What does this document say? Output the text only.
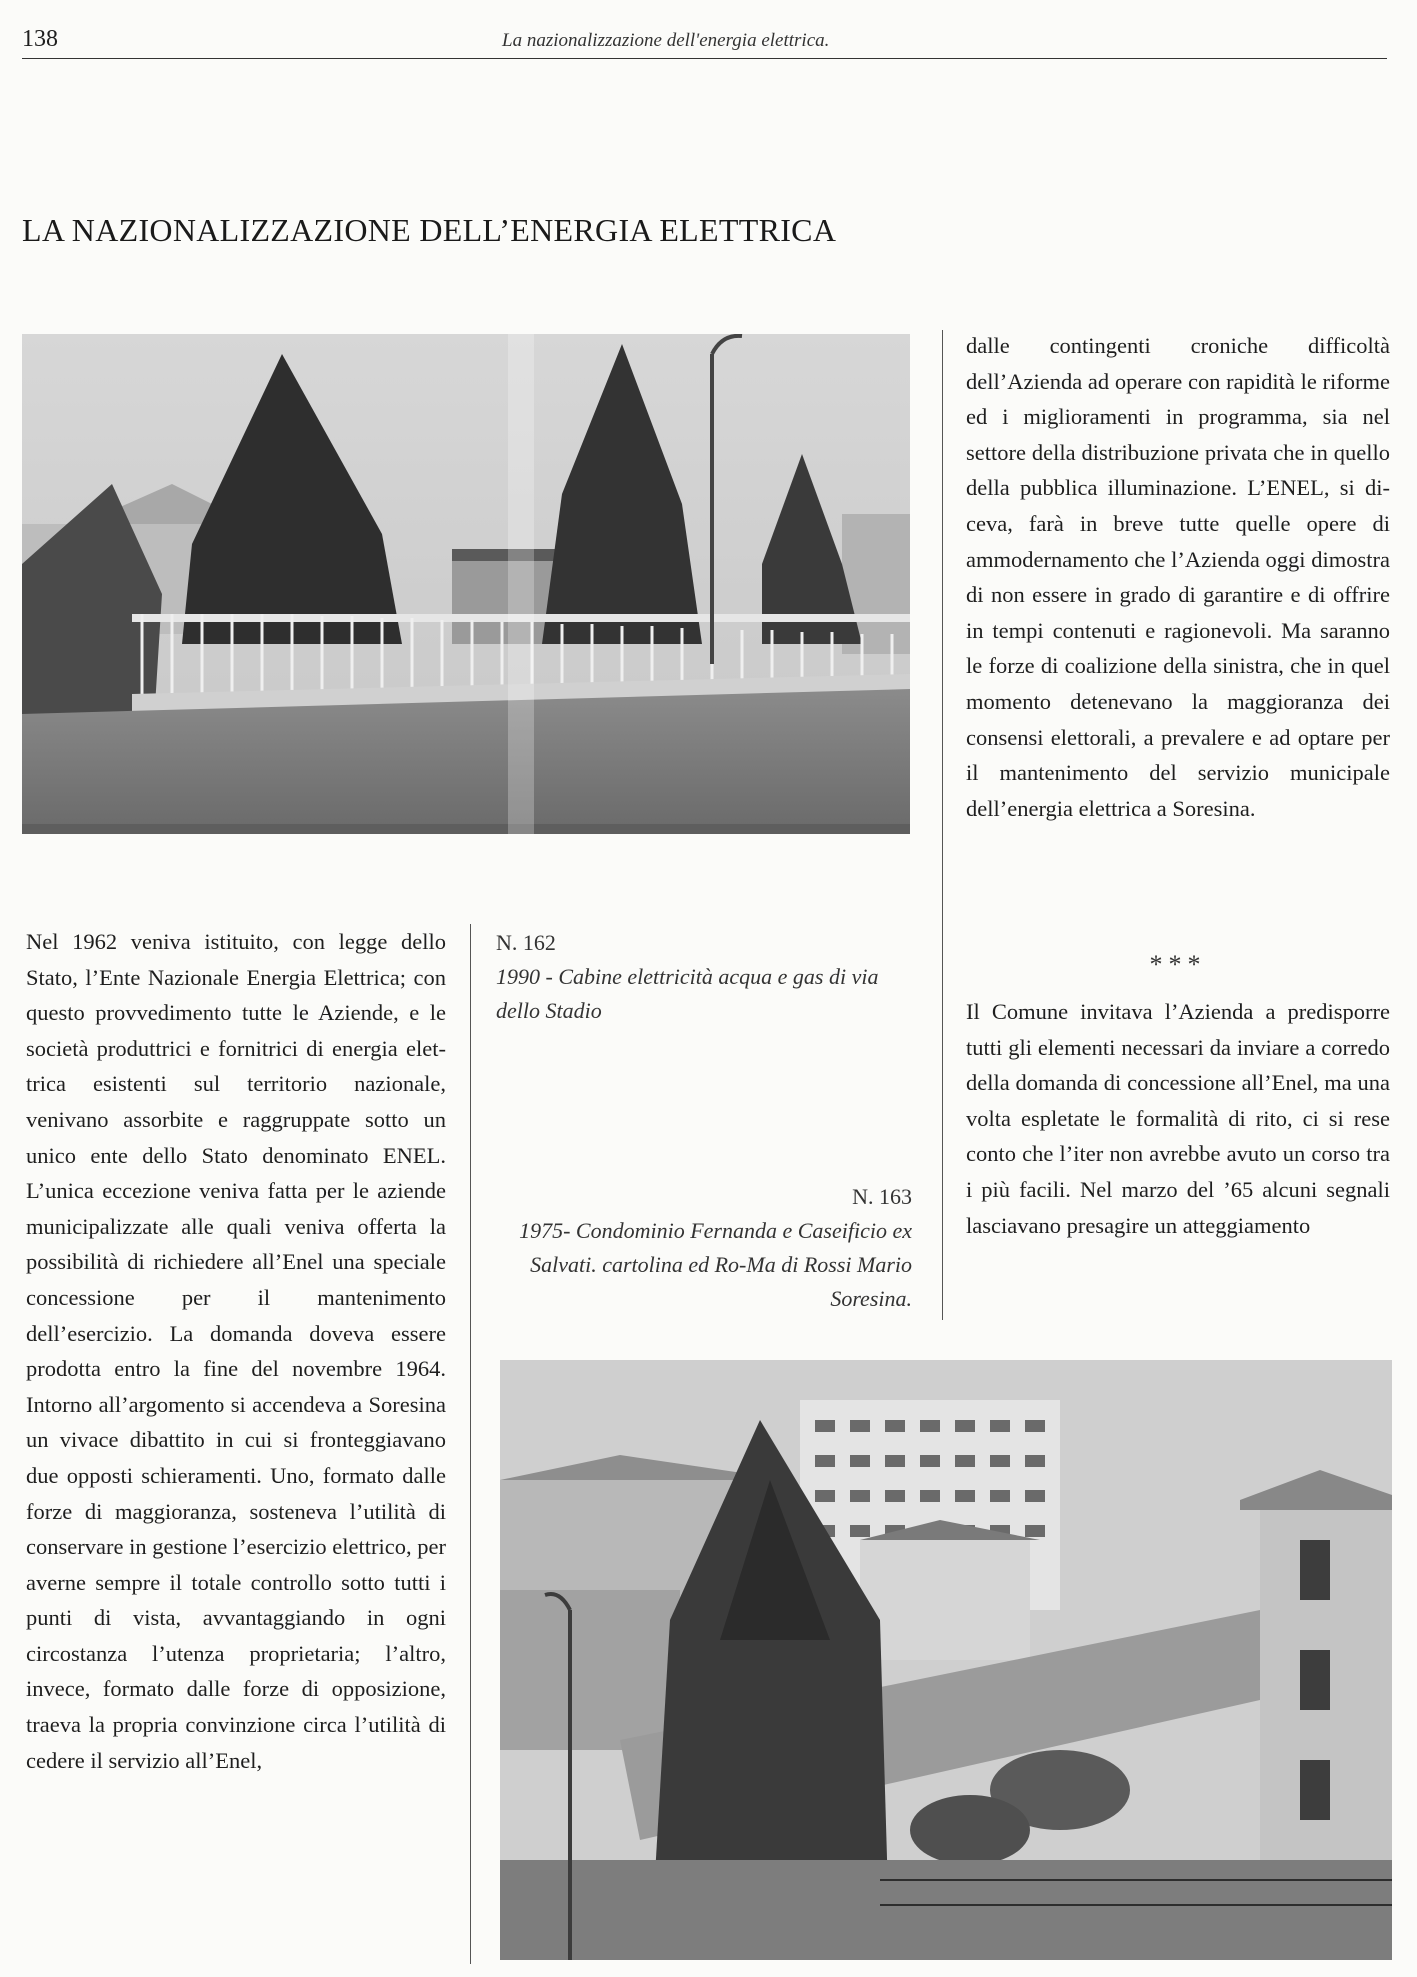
138	La nazionalizzazione dell'energia elettrica.
LA NAZIONALIZZAZIONE DELL’ENERGIA ELETTRICA
N. 162
1990 - Cabine elettricità acqua e gas di via dello Stadio
N. 163
1975- Condominio Fernanda e Caseificio ex Salvati. cartolina ed Ro-Ma di Rossi Mario Soresina.
Nel 1962 veniva istituito, con legge dello Stato, l’Ente Nazionale Energia Elettrica; con questo provvedimento tutte le Aziende, e le società produttrici e fornitrici di energia elettrica esistenti sul territorio nazionale, venivano assorbite e raggruppate sotto un unico ente dello Stato denominato ENEL. L’unica eccezione veniva fatta per le aziende municipalizzate alle quali veniva offerta la possibilità di richiedere all’Enel una speciale concessione per il mantenimento dell’esercizio. La domanda doveva essere prodotta entro la fine del novembre 1964. Intorno all’argomento si accendeva a Soresina un vivace dibattito in cui si fronteggiavano due opposti schieramenti. Uno, formato dalle forze di maggioranza, sosteneva l’utilità di conservare in gestione l’esercizio elettrico, per averne sempre il totale controllo sotto tutti i punti di vista, avvantaggiando in ogni circostanza l’utenza proprietaria; l’altro, invece, formato dalle forze di opposizione, traeva la propria convinzione circa l’utilità di cedere il servizio all’Enel,
dalle contingenti croniche difficoltà dell’Azienda ad operare con rapidità le riforme ed i miglioramenti in programma, sia nel settore della distribuzione privata che in quello della pubblica illuminazione. L’ENEL, si diceva, farà in breve tutte quelle opere di ammodernamento che l’Azienda oggi dimostra di non essere in grado di garantire e di offrire in tempi contenuti e ragionevoli. Ma saranno le forze di coalizione della sinistra, che in quel momento detenevano la maggioranza dei consensi elettorali, a prevalere e ad optare per il mantenimento del servizio municipale dell’energia elettrica a Soresina.
***
Il Comune invitava l’Azienda a predisporre tutti gli elementi necessari da inviare a corredo della domanda di concessione all’Enel, ma una volta espletate le formalità di rito, ci si rese conto che l’iter non avrebbe avuto un corso tra i più facili. Nel marzo del ’65 alcuni segnali lasciavano presagire un atteggiamento
